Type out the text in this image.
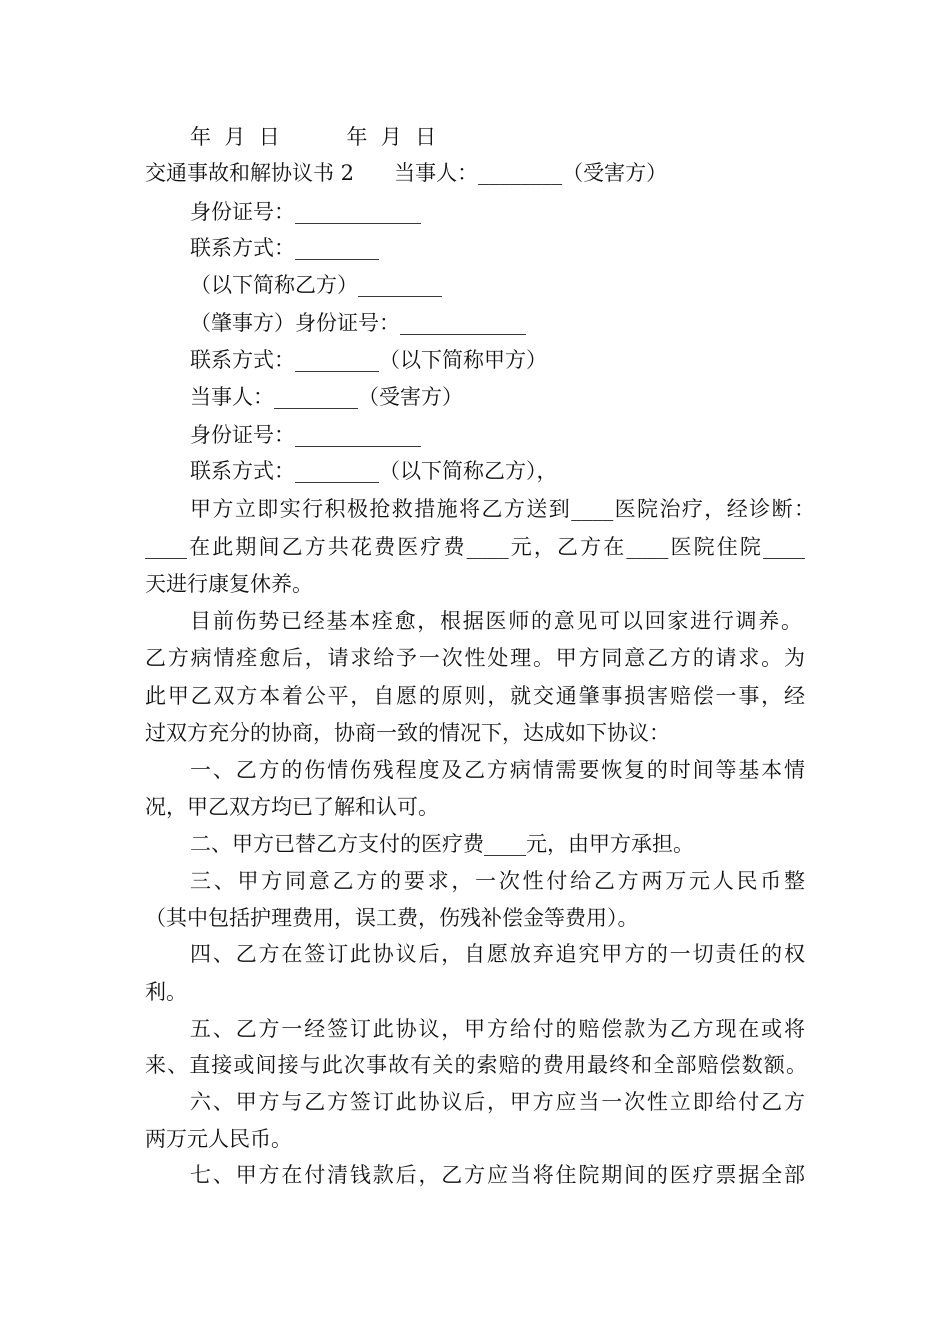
年  月  日          年  月  日
交通事故和解协议书 2      当事人：________（受害方）
身份证号：____________
联系方式：________
（以下简称乙方）________
（肇事方）身份证号：____________
联系方式：________（以下简称甲方）
当事人：________（受害方）
身份证号：____________
联系方式：________（以下简称乙方），
甲方立即实行积极抢救措施将乙方送到____医院治疗，经诊断：
____在此期间乙方共花费医疗费____元，乙方在____医院住院____
天进行康复休养。
目前伤势已经基本痊愈，根据医师的意见可以回家进行调养。
乙方病情痊愈后，请求给予一次性处理。甲方同意乙方的请求。为
此甲乙双方本着公平，自愿的原则，就交通肇事损害赔偿一事，经
过双方充分的协商，协商一致的情况下，达成如下协议：
一、乙方的伤情伤残程度及乙方病情需要恢复的时间等基本情
况，甲乙双方均已了解和认可。
二、甲方已替乙方支付的医疗费____元，由甲方承担。
三、甲方同意乙方的要求，一次性付给乙方两万元人民币整
（其中包括护理费用，误工费，伤残补偿金等费用）。
四、乙方在签订此协议后，自愿放弃追究甲方的一切责任的权
利。
五、乙方一经签订此协议，甲方给付的赔偿款为乙方现在或将
来、直接或间接与此次事故有关的索赔的费用最终和全部赔偿数额。
六、甲方与乙方签订此协议后，甲方应当一次性立即给付乙方
两万元人民币。
七、甲方在付清钱款后，乙方应当将住院期间的医疗票据全部
